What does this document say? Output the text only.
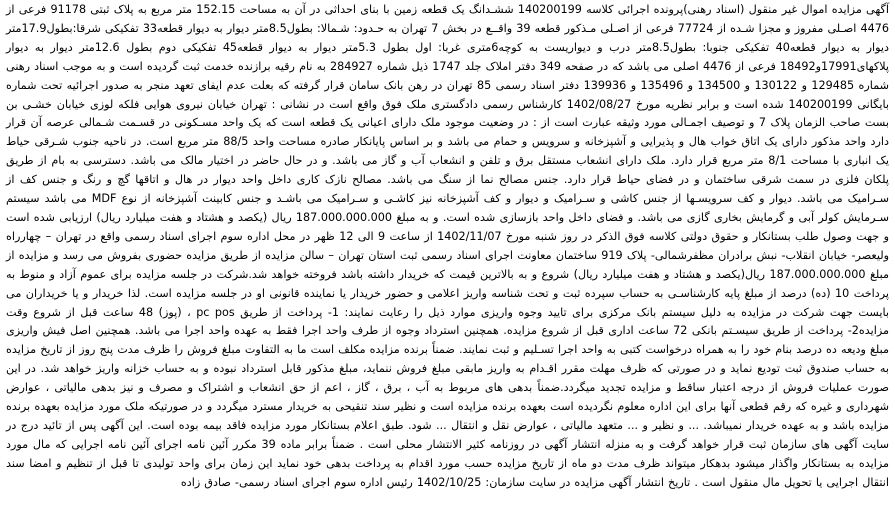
آگهی مزایده اموال غیر منقول (اسناد رهنی)پرونده اجرائی کلاسه 140200199 ششـدانگ یک قطعه زمین با بنای احداثی در آن به مساحت 152.15 متر مربع به پلاک ثبتی 91178 فرعی از 4476 اصـلی مفروز و مجزا شـده از 77724 فرعی از اصـلی مـذکور قطعه 39 واقــع در بخش 7 تهران به حـدود: شـمالا: بطول8.5متر دیوار به دیوار قطعه33 تفکیکی شرقا:بطول17.9متر دیوار به دیوار قطعه40 تفکیکی جنوبا: بطول8.5متر درب و دیواریست به کوچه6متری غربا: اول بطول 5.3متر دیوار به دیوار قطعه45 تفکیکی دوم بطول 12.6متر دیوار به دیوار پلاکهای17991و18492 فرعی از 4476 اصلی می باشد که در صفحه 349 دفتر املاک جلد 1747 ذیل شماره 284927 به نام رقیه برازنده خدمت ثبت گردیده است و به موجب اسناد رهنی شماره 129485 و 130122 و 134500 و 135496 و 139936 دفتر اسناد رسمی 85 تهران در رهن بانک سامان قرار گرفته که بعلت عدم ایفای تعهد منجر به صدور اجرائیه تحت شماره بایگانی 140200199 شده است و برابر نظریه مورخ 1402/08/27 کارشناس رسمی دادگستری ملک فوق واقع است در نشانی : تهران خیابان نیروی هوایی فلکه لوزی خیابان خشـی بن بست صاحب الزمان پلاک 7 و توصیف اجمـالی مورد وثیقه عبارت است از : در وضعیت موجود ملک دارای اعیانی یک قطعه است که یک واحد مسـکونی در قسـمت شـمالی عرصه آن قرار دارد واحد مذکور دارای یک اتاق خواب هال و پذیرایی و آشپزخانه و سرویس و حمام می باشد و بر اساس پایانکار صادره مساحت واحد 88/5 متر مربع است. در ناحیه جنوب شـرقی حیاط یک انباری با مساحت 8/1 متر مربع قرار دارد. ملک دارای انشعاب مستقل برق و تلفن و انشعاب آب و گاز می باشد. و در حال حاضر در اختیار مالک می باشد. دسترسی به بام از طریق پلکان فلزی در سمت شرقی ساختمان و در فضای حیاط قرار دارد. جنس مصالح نما از سنگ می باشد. مصالح نازک کاری داخل واحد دیوار در هال و اتاقها گچ و رنگ و جنس کف از سـرامیک می باشد. دیوار و کف سرویسـها از جنس کاشی و سـرامیک و دیوار و کف آشپزخانه نیز کاشـی و سـرامیک می باشـد و جنس کابینت آشپزخانه از نوع MDF می باشد سیستم سـرمایش کولر آبی و گرمایش بخاری گازی می باشد. و فضای داخل واحد بازسازی شده است. و به مبلغ 187.000.000.000 ریال (یکصد و هشتاد و هفت میلیارد ریال) ارزیابی شده است و جهت وصول طلب بستانکار و حقوق دولتی کلاسه فوق الذکر در روز شنبه مورخ 1402/11/07 از ساعت 9 الی 12 ظهر در محل اداره سوم اجرای اسناد رسمی واقع در تهران – چهارراه ولیعصر- خیابان انقلاب- نبش برادران مظفرشمالی- پلاک 919 ساختمان معاونت اجرای اسناد رسمی ثبت استان تهران – سالن مزایده از طریق مزایده حضوری بفروش می رسد و مزایده از مبلغ 187.000.000.000 ریال(یکصد و هشتاد و هفت میلیارد ریال) شروع و به بالاترین قیمت که خریدار داشته باشد فروخته خواهد شد.شرکت در جلسه مزایده برای عموم آزاد و منوط به پرداخت 10 (ده) درصد از مبلغ پایه کارشناسـی به حساب سپرده ثبت و تحت شناسه واریز اعلامی و حضور خریدار یا نماینده قانونی او در جلسه مزایده است. لذا خریدار و یا خریداران می بایست جهت شرکت در مزایده به دلیل سیستم بانک مرکزی برای تایید وجوه واریزی موارد ذیل را رعایت نمایند: 1- پرداخت از طریق pc pos ، (پوز) 48 ساعت قبل از شروع وقت مزایده2- پرداخت از طریق سیسـتم بانکی 72 ساعت اداری قبل از شروع مزایده. همچنین استرداد وجوه از طرف واحد اجرا فقط به عهده واحد اجرا می باشد. همچنین اصل فیش واریزی مبلغ ودیعه ده درصد بنام خود را به همراه درخواست کتبی به واحد اجرا تسـلیم و ثبت نمایند. ضمناً برنده مزایده مکلف است ما به التفاوت مبلغ فروش را ظرف مدت پنج روز از تاریخ مزایده به حساب صندوق ثبت تودیع نماید و در صورتی که ظرف مهلت مقرر اقـدام به واریز مابقی مبلغ فروش ننماید، مبلغ مذکور قابل استرداد نبوده و به حساب خزانه واریز خواهد شد. در این صورت عملیات فروش از درجه اعتبار ساقط و مزایده تجدید میگردد.ضمناً بدهی های مربوط به آب ، برق ، گاز ، اعم از حق انشعاب و اشتراک و مصرف و نیز بدهی مالیاتی ، عوارض شهرداری و غیره که رقم قطعی آنها برای این اداره معلوم نگردیده است بعهده برنده مزایده است و نظیر سند تنقیحی به خریدار مسترد میگردد و در صورتیکه ملک مورد مزایده بعهده برنده مزایده باشد و به عهده خریدار نمیباشد. ... و نظیر و ... متعهد مالیاتی ، عوارض نقل و انتقال ... شود. طبق اعلام بستانکار مورد مزایده فاقد بیمه بوده است. این آگهی پس از تائید درج در سایت آگهی های سازمان ثبت قرار خواهد گرفت و به منزله انتشار آگهی در روزنامه کثیر الانتشار محلی است . ضمناً برابر ماده 39 مکرر آئین نامه اجرای آئین نامه اجرایی که مال مورد مزایده به بستانکار واگذار میشود بدهکار میتواند ظرف مدت دو ماه از تاریخ مزایده حسب مورد اقدام به پرداخت بدهی خود نماید این زمان برای واحد تولیدی تا قبل از تنظیم و امضا سند انتقال اجرایی یا تحویل مال منقول است . تاریخ انتشار آگهی مزایده در سایت سازمان: 1402/10/25 رئیس اداره سوم اجرای اسناد رسمی- صادق زاده
